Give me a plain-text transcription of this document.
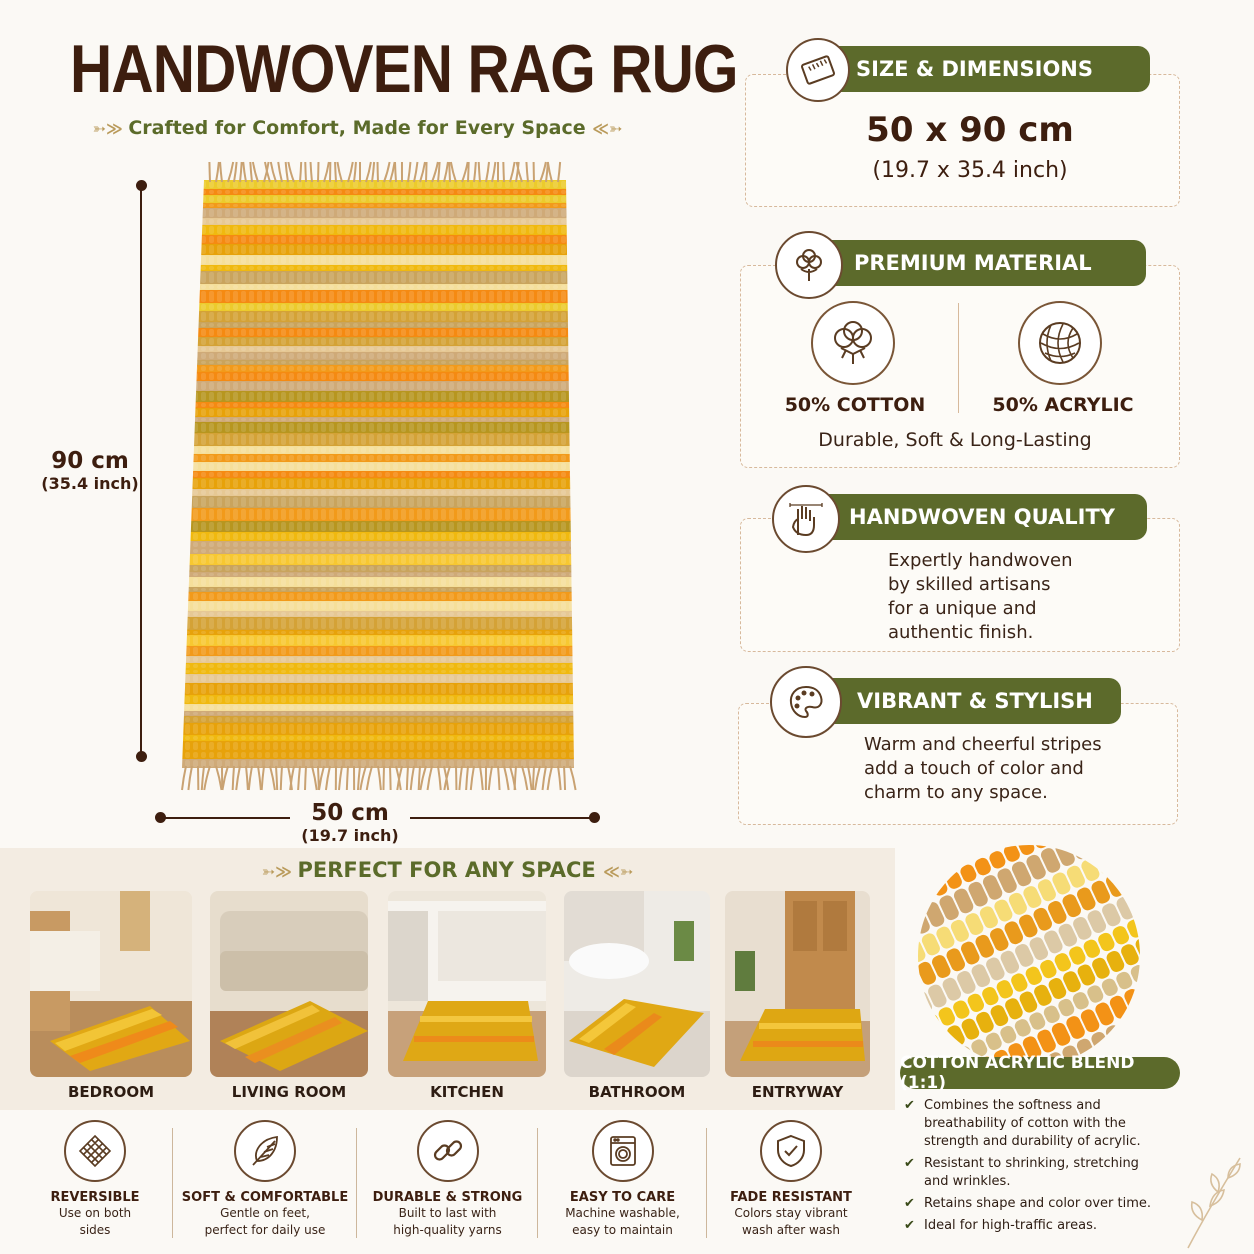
HANDWOVEN RAG RUG
➳≫ Crafted for Comfort, Made for Every Space ≪➳
90 cm
(35.4 inch)
50 cm
(19.7 inch)
SIZE & DIMENSIONS
50 x 90 cm
(19.7 x 35.4 inch)
PREMIUM MATERIAL
50% COTTON	50% ACRYLIC
Durable, Soft & Long-Lasting
HANDWOVEN QUALITY
Expertly handwoven
by skilled artisans
for a unique and
authentic finish.
VIBRANT & STYLISH
Warm and cheerful stripes
add a touch of color and
charm to any space.
➳≫ PERFECT FOR ANY SPACE ≪➳
BEDROOM	LIVING ROOM	KITCHEN	BATHROOM	ENTRYWAY
REVERSIBLE
Use on both
sides
SOFT & COMFORTABLE
Gentle on feet,
perfect for daily use
DURABLE & STRONG
Built to last with
high-quality yarns
EASY TO CARE
Machine washable,
easy to maintain
FADE RESISTANT
Colors stay vibrant
wash after wash
COTTON ACRYLIC BLEND (1:1)
✔ Combines the softness and breathability of cotton with the strength and durability of acrylic.
✔ Resistant to shrinking, stretching and wrinkles.
✔ Retains shape and color over time.
✔ Ideal for high-traffic areas.
